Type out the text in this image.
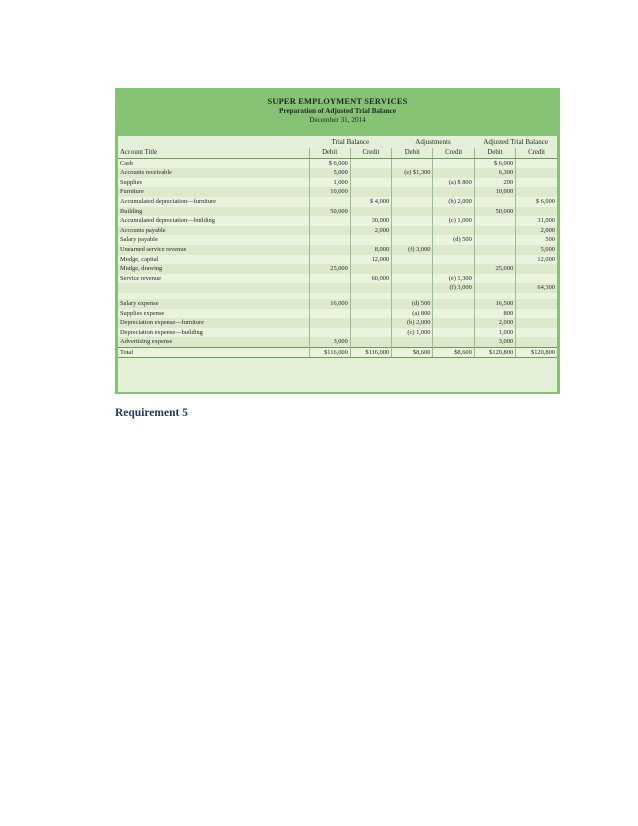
SUPER EMPLOYMENT SERVICES
Preparation of Adjusted Trial Balance
December 31, 2014
	Trial Balance		Adjustments		Adjusted Trial Balance	
Account Title	Debit	Credit	Debit	Credit	Debit	Credit
Cash	$ 6,000				$ 6,000	
Accounts receivable	5,000		(e) $1,300		6,300	
Supplies	1,000			(a) $ 800	200	
Furniture	10,000				10,000	
Accumulated depreciation—furniture		$ 4,000		(b) 2,000		$ 6,000
Building	50,000				50,000	
Accumulated depreciation—building		30,000		(c) 1,000		31,000
Accounts payable		2,000				2,000
Salary payable				(d) 500		500
Unearned service revenue		8,000	(f) 3,000			5,000
Mudge, capital		12,000				12,000
Mudge, drawing	25,000				25,000	
Service revenue		60,000		(e) 1,300		
				(f) 3,000		64,300

Salary expense	16,000		(d) 500		16,500	
Supplies expense			(a) 800		800	
Depreciation expense—furniture			(b) 2,000		2,000	
Depreciation expense—building			(c) 1,000		1,000	
Advertising expense	3,000				3,000	
Total	$116,000	$116,000	$8,600	$8,600	$120,800	$120,800
Requirement 5
